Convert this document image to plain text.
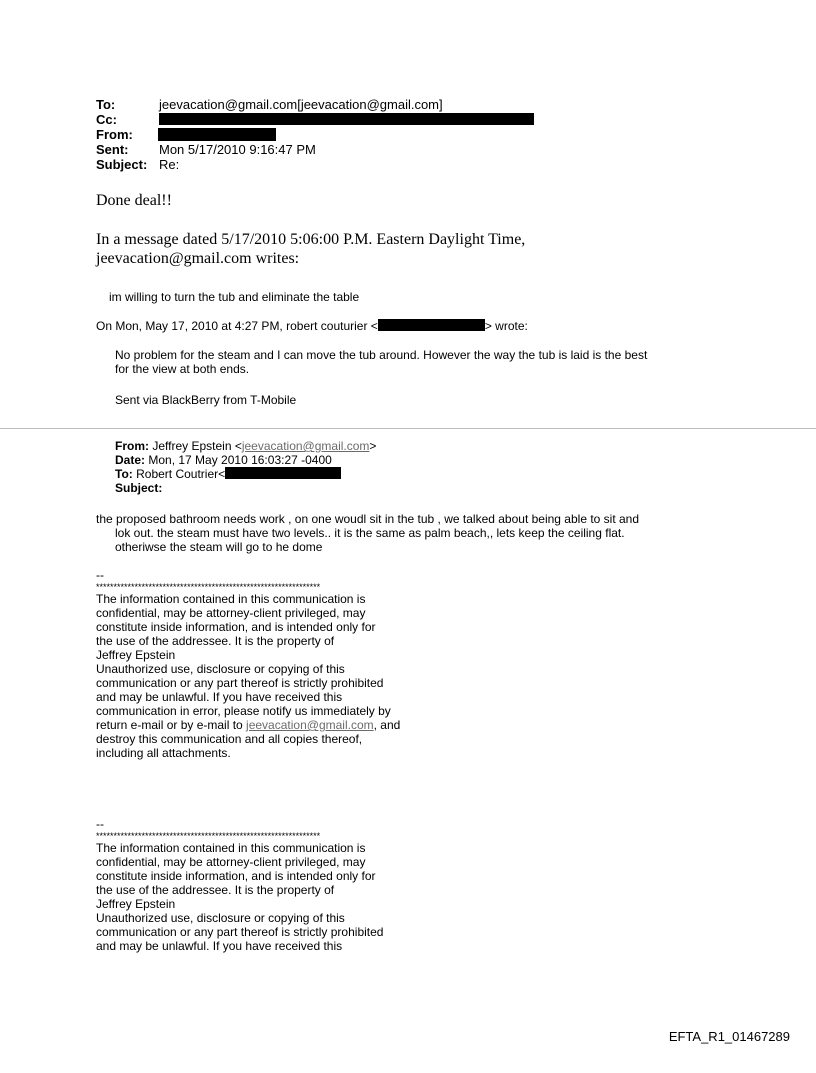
To:	jeevacation@gmail.com[jeevacation@gmail.com]
Cc:
From:
Sent: Mon 5/17/2010 9:16:47 PM
Subject: Re:
Done deal!!
In a message dated 5/17/2010 5:06:00 P.M. Eastern Daylight Time,
jeevacation@gmail.com writes:
im willing to turn the tub and eliminate the table
On Mon, May 17, 2010 at 4:27 PM, robert couturier <	> wrote:
No problem for the steam and I can move the tub around. However the way the tub is laid is the best
for the view at both ends.
Sent via BlackBerry from T-Mobile
From: Jeffrey Epstein <jeevacation@gmail.com>
Date: Mon, 17 May 2010 16:03:27 -0400
To: Robert Coutrier<
Subject:
the proposed bathroom needs work , on one woudl sit in the tub , we talked about being able to sit and
lok out. the steam must have two levels.. it is the same as palm beach,, lets keep the ceiling flat.
otheriwse the steam will go to he dome
--
****************************************************************
The information contained in this communication is
confidential, may be attorney-client privileged, may
constitute inside information, and is intended only for
the use of the addressee. It is the property of
Jeffrey Epstein
Unauthorized use, disclosure or copying of this
communication or any part thereof is strictly prohibited
and may be unlawful. If you have received this
communication in error, please notify us immediately by
return e-mail or by e-mail to jeevacation@gmail.com, and
destroy this communication and all copies thereof,
including all attachments.
--
****************************************************************
The information contained in this communication is
confidential, may be attorney-client privileged, may
constitute inside information, and is intended only for
the use of the addressee. It is the property of
Jeffrey Epstein
Unauthorized use, disclosure or copying of this
communication or any part thereof is strictly prohibited
and may be unlawful. If you have received this
EFTA_R1_01467289
